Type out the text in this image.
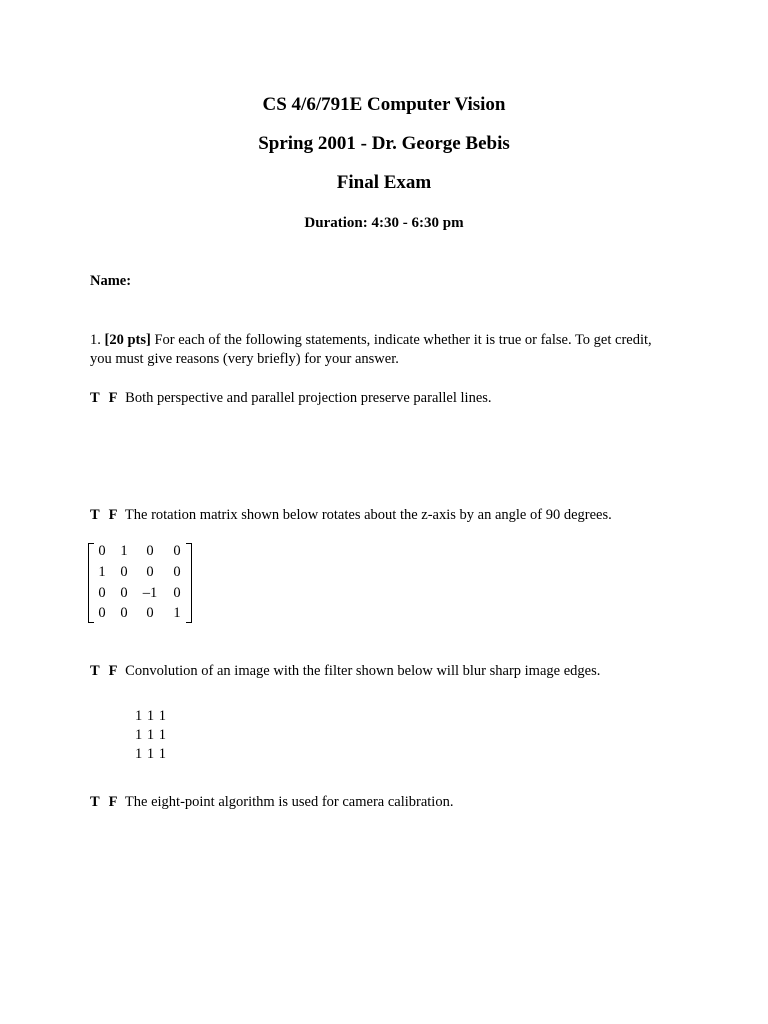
CS 4/6/791E Computer Vision
Spring 2001 - Dr. George Bebis
Final Exam
Duration: 4:30 - 6:30 pm
Name:
1. [20 pts] For each of the following statements, indicate whether it is true or false. To get credit,
you must give reasons (very briefly) for your answer.
T F Both perspective and parallel projection preserve parallel lines.
T F The rotation matrix shown below rotates about the z-axis by an angle of 90 degrees.
0	1	0	0
1	0	0	0
0	0	–1	0
0	0	0	1
T F Convolution of an image with the filter shown below will blur sharp image edges.
1 1 1
1 1 1
1 1 1
T F The eight-point algorithm is used for camera calibration.
